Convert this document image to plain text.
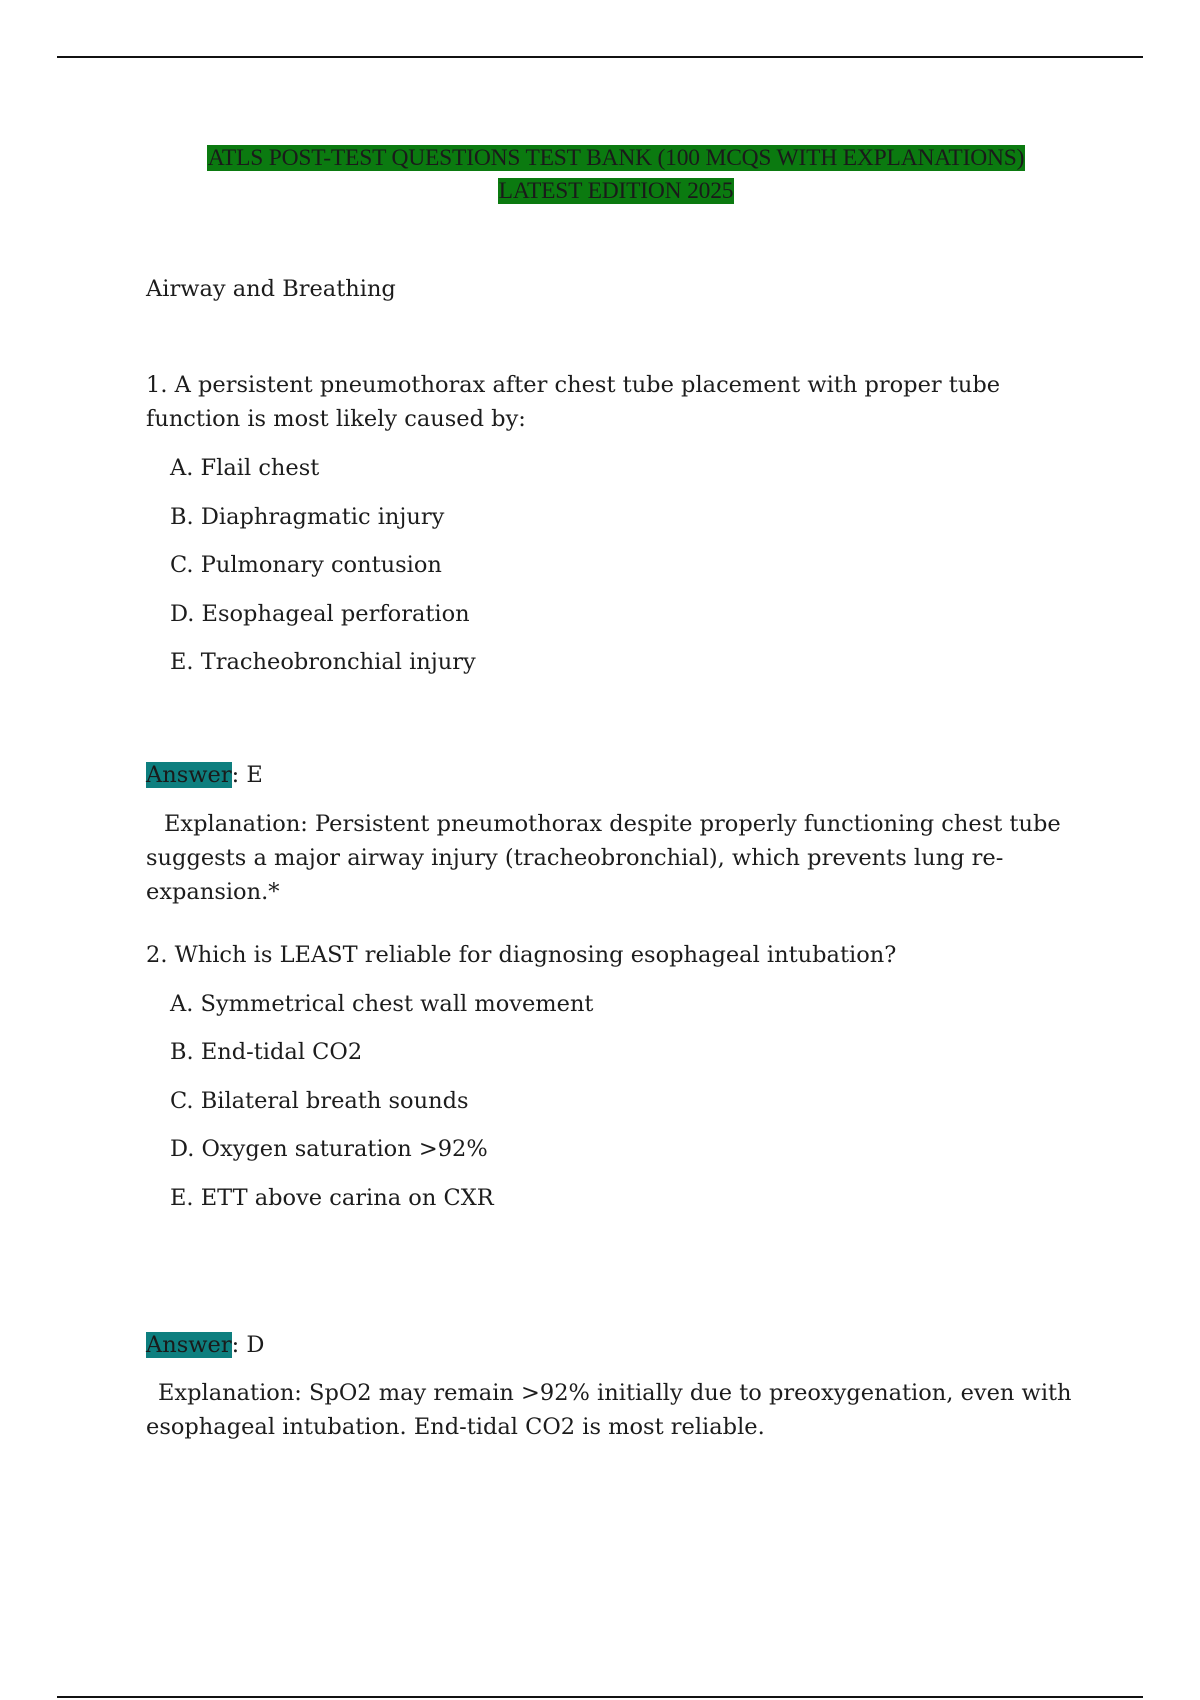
ATLS POST-TEST QUESTIONS TEST BANK (100 MCQS WITH EXPLANATIONS)
LATEST EDITION 2025
Airway and Breathing
1. A persistent pneumothorax after chest tube placement with proper tube function is most likely caused by:
A. Flail chest
B. Diaphragmatic injury
C. Pulmonary contusion
D. Esophageal perforation
E. Tracheobronchial injury
Answer: E
Explanation: Persistent pneumothorax despite properly functioning chest tube suggests a major airway injury (tracheobronchial), which prevents lung re-expansion.*
2. Which is LEAST reliable for diagnosing esophageal intubation?
A. Symmetrical chest wall movement
B. End-tidal CO2
C. Bilateral breath sounds
D. Oxygen saturation >92%
E. ETT above carina on CXR
Answer: D
Explanation: SpO2 may remain >92% initially due to preoxygenation, even with esophageal intubation. End-tidal CO2 is most reliable.
